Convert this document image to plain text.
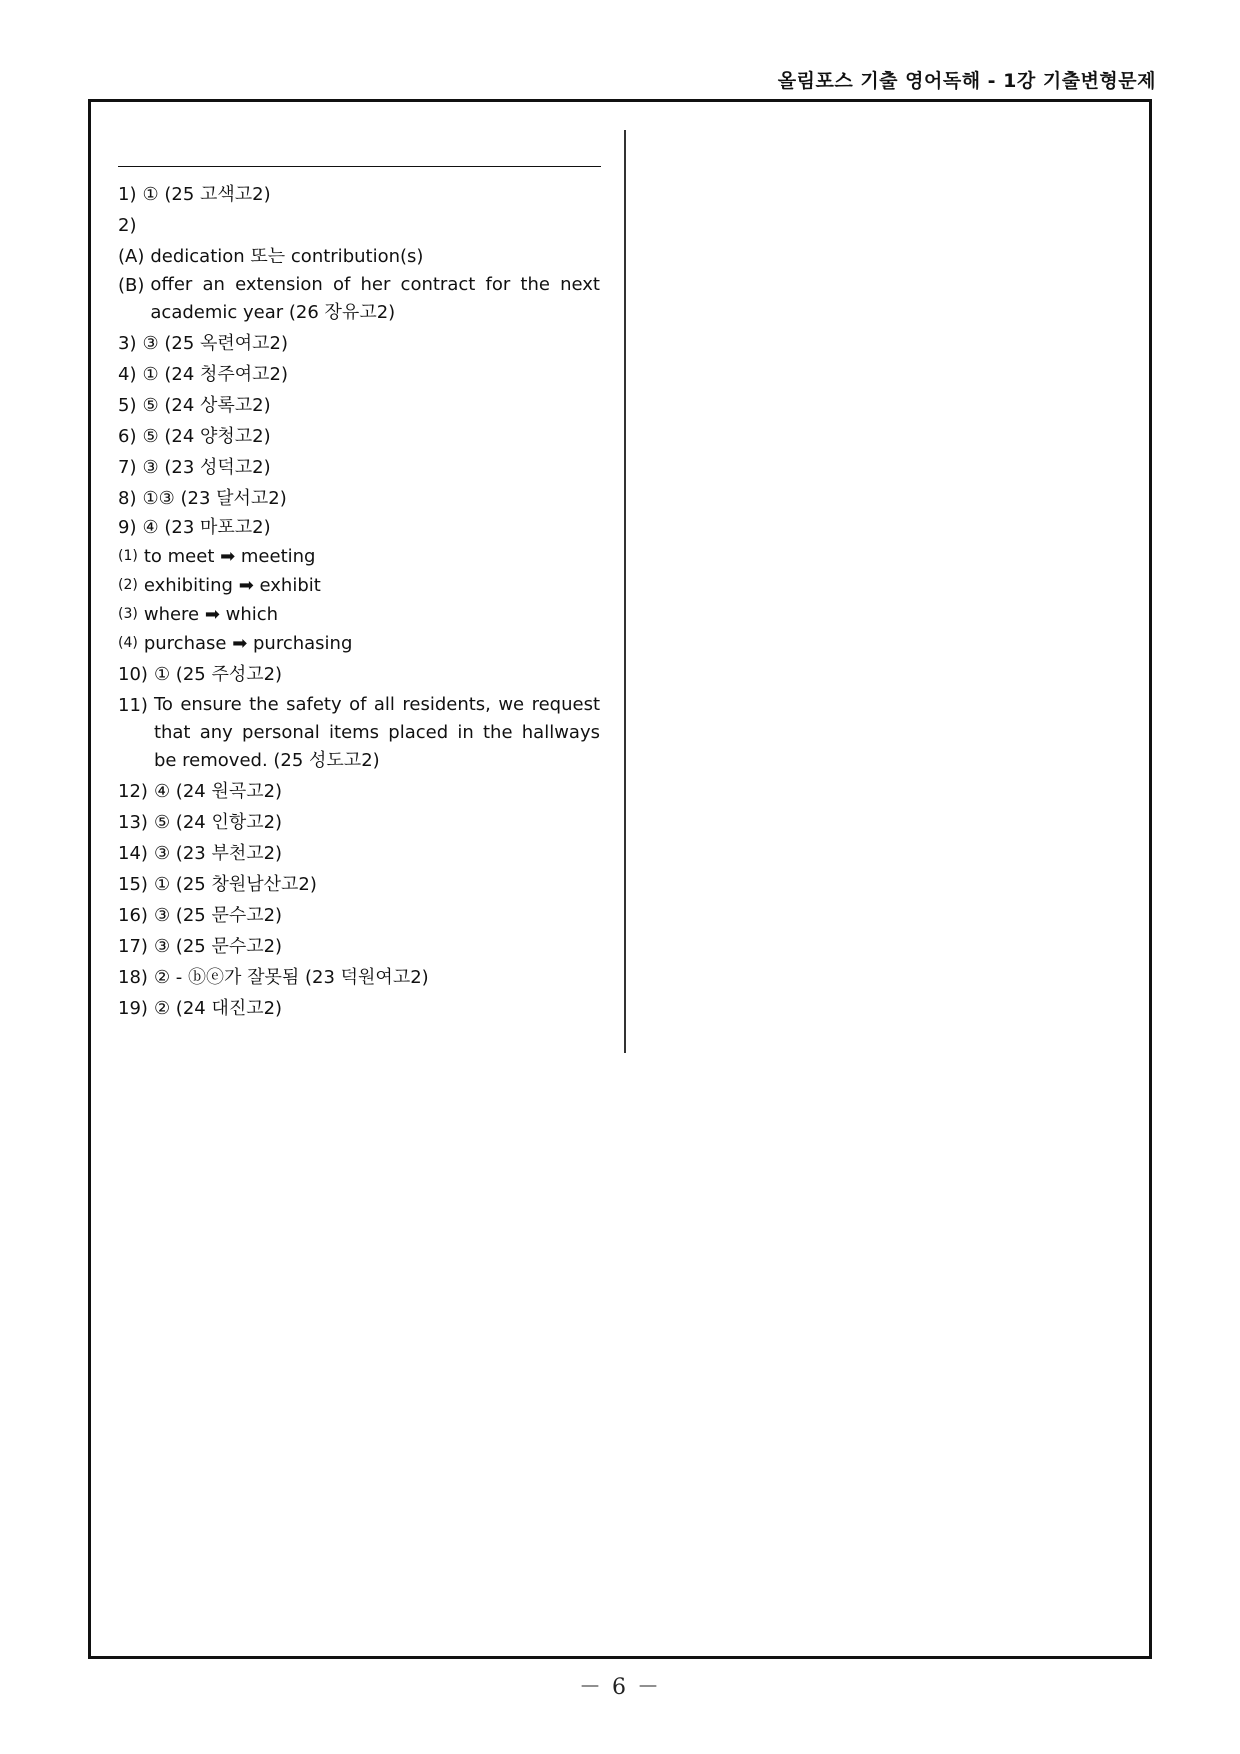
올림포스 기출 영어독해 - 1강 기출변형문제
1) ① (25 고색고2)
2)
(A) dedication 또는 contribution(s)
(B) offer an extension of her contract for the next academic year (26 장유고2)
3) ③ (25 옥련여고2)
4) ① (24 청주여고2)
5) ⑤ (24 상록고2)
6) ⑤ (24 양청고2)
7) ③ (23 성덕고2)
8) ①③ (23 달서고2)
9) ④ (23 마포고2)
(1) to meet ➡ meeting
(2) exhibiting ➡ exhibit
(3) where ➡ which
(4) purchase ➡ purchasing
10) ① (25 주성고2)
11) To ensure the safety of all residents, we request that any personal items placed in the hallways be removed. (25 성도고2)
12) ④ (24 원곡고2)
13) ⑤ (24 인항고2)
14) ③ (23 부천고2)
15) ① (25 창원남산고2)
16) ③ (25 문수고2)
17) ③ (25 문수고2)
18) ② - ⓑⓔ가 잘못됨 (23 덕원여고2)
19) ② (24 대진고2)
－ 6 －
